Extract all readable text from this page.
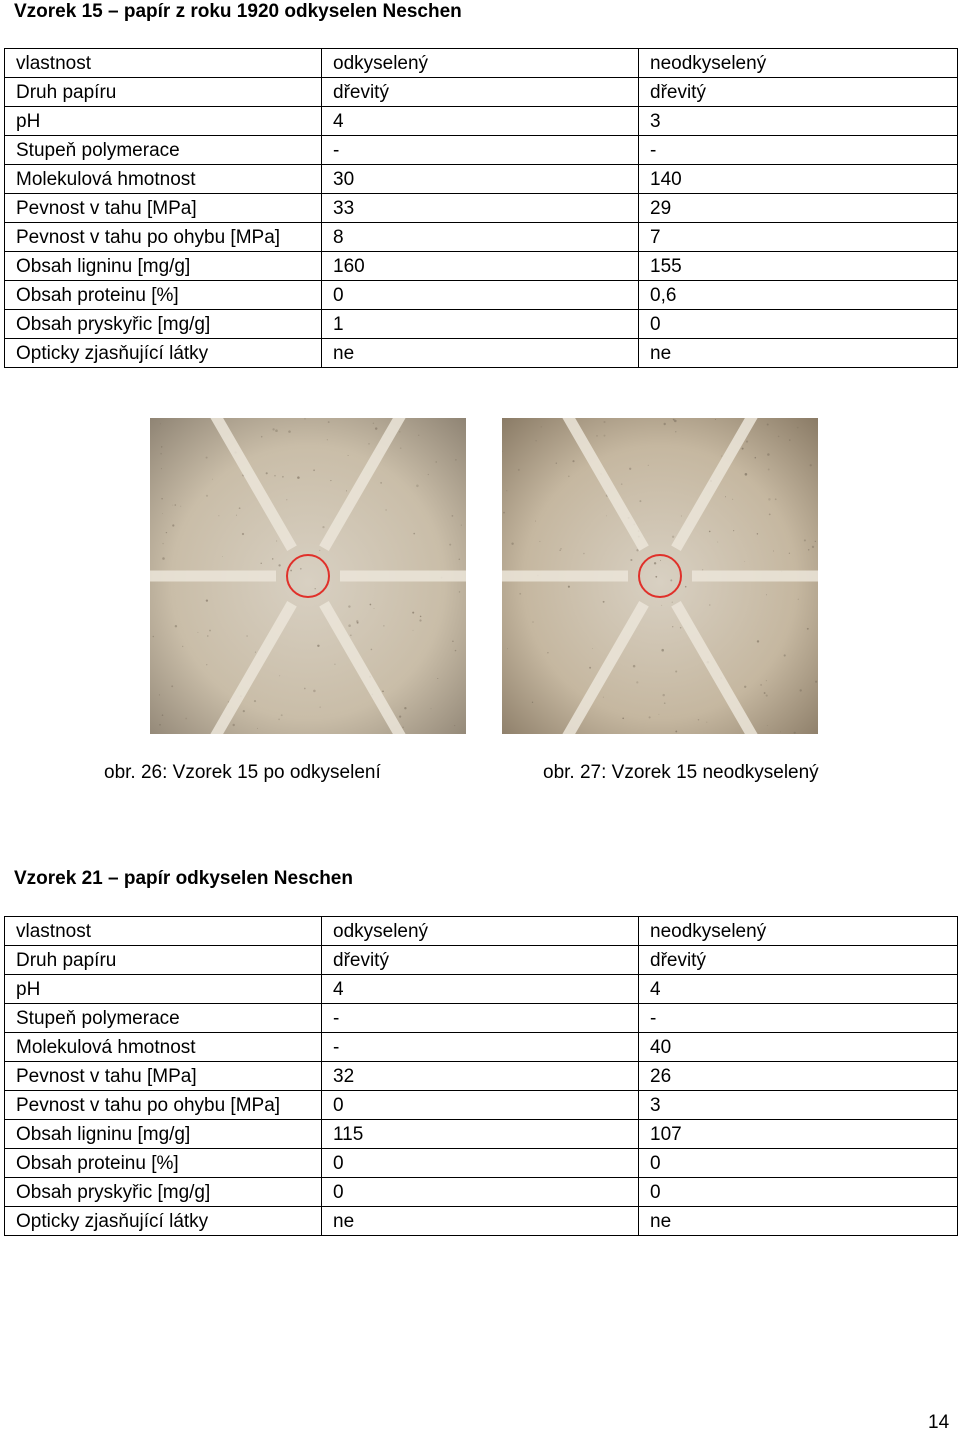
Vzorek 15 – papír z roku 1920 odkyselen Neschen
vlastnost	odkyselený	neodkyselený
Druh papíru	dřevitý	dřevitý
pH	4	3
Stupeň polymerace	-	-
Molekulová hmotnost	30	140
Pevnost v tahu [MPa]	33	29
Pevnost v tahu po ohybu [MPa]	8	7
Obsah ligninu [mg/g]	160	155
Obsah proteinu [%]	0	0,6
Obsah pryskyřic [mg/g]	1	0
Opticky zjasňující látky	ne	ne
obr. 26: Vzorek 15 po odkyselení	obr. 27: Vzorek 15 neodkyselený
Vzorek 21 – papír odkyselen Neschen
vlastnost	odkyselený	neodkyselený
Druh papíru	dřevitý	dřevitý
pH	4	4
Stupeň polymerace	-	-
Molekulová hmotnost	-	40
Pevnost v tahu [MPa]	32	26
Pevnost v tahu po ohybu [MPa]	0	3
Obsah ligninu [mg/g]	115	107
Obsah proteinu [%]	0	0
Obsah pryskyřic [mg/g]	0	0
Opticky zjasňující látky	ne	ne
14
